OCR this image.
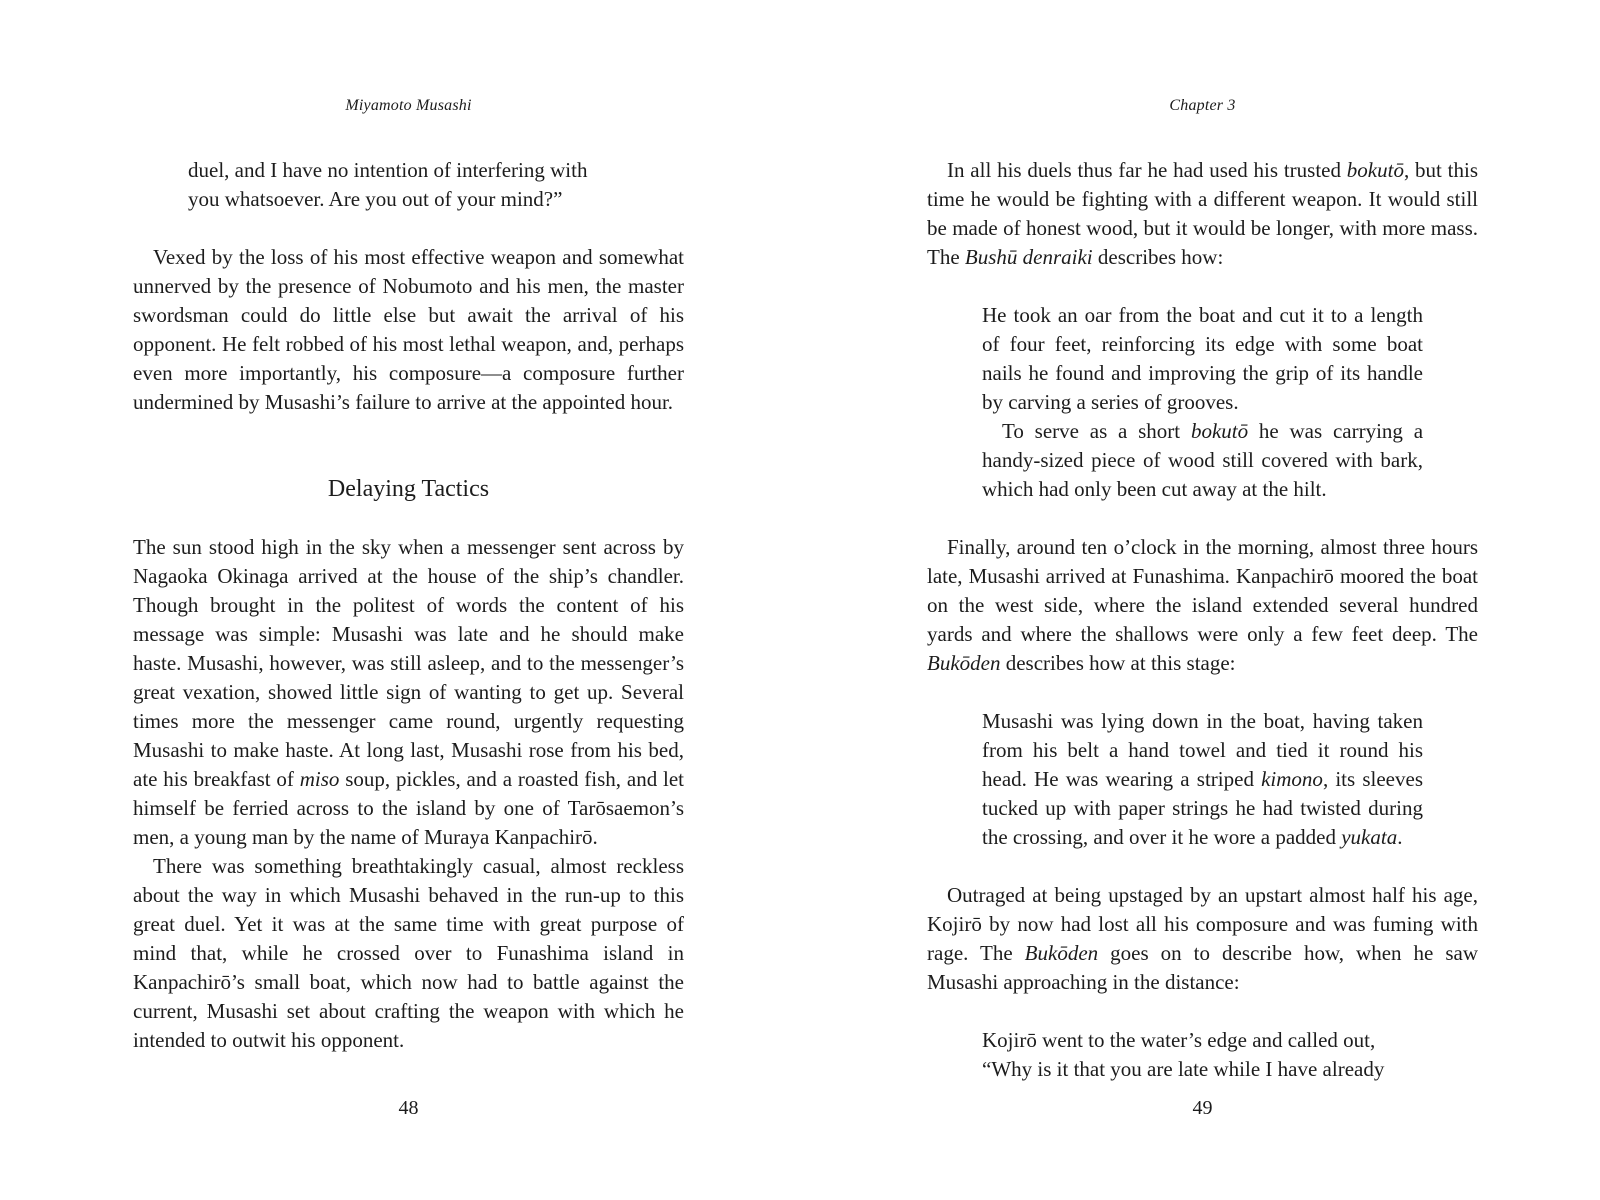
Miyamoto Musashi

duel, and I have no intention of interfering with

you whatsoever. Are you out of your mind?”

Vexed by the loss of his most effective weapon and somewhat unnerved by the presence of Nobumoto and his men, the master swordsman could do little else but await the arrival of his opponent. He felt robbed of his most lethal weapon, and, perhaps even more importantly, his composure—a composure further undermined by Musashi’s failure to arrive at the appointed hour.

Delaying Tactics

The sun stood high in the sky when a messenger sent across by Nagaoka Okinaga arrived at the house of the ship’s chandler. Though brought in the politest of words the content of his message was simple: Musashi was late and he should make haste. Musashi, however, was still asleep, and to the messenger’s great vexation, showed little sign of wanting to get up. Several times more the messenger came round, urgently requesting Musashi to make haste. At long last, Musashi rose from his bed, ate his breakfast of miso soup, pickles, and a roasted fish, and let himself be ferried across to the island by one of Tarōsaemon’s men, a young man by the name of Muraya Kanpachirō.

There was something breathtakingly casual, almost reckless about the way in which Musashi behaved in the run-up to this great duel. Yet it was at the same time with great purpose of mind that, while he crossed over to Funashima island in Kanpachirō’s small boat, which now had to battle against the current, Musashi set about crafting the weapon with which he intended to outwit his opponent.

48
Chapter 3

In all his duels thus far he had used his trusted bokutō, but this time he would be fighting with a different weapon. It would still be made of honest wood, but it would be longer, with more mass. The Bushū denraiki describes how:

He took an oar from the boat and cut it to a length of four feet, reinforcing its edge with some boat nails he found and improving the grip of its handle by carving a series of grooves.

To serve as a short bokutō he was carrying a handy-sized piece of wood still covered with bark, which had only been cut away at the hilt.

Finally, around ten o’clock in the morning, almost three hours late, Musashi arrived at Funashima. Kanpachirō moored the boat on the west side, where the island extended several hundred yards and where the shallows were only a few feet deep. The Bukōden describes how at this stage:

Musashi was lying down in the boat, having taken from his belt a hand towel and tied it round his head. He was wearing a striped kimono, its sleeves tucked up with paper strings he had twisted during the crossing, and over it he wore a padded yukata.

Outraged at being upstaged by an upstart almost half his age, Kojirō by now had lost all his composure and was fuming with rage. The Bukōden goes on to describe how, when he saw Musashi approaching in the distance:

Kojirō went to the water’s edge and called out,

“Why is it that you are late while I have already

49
